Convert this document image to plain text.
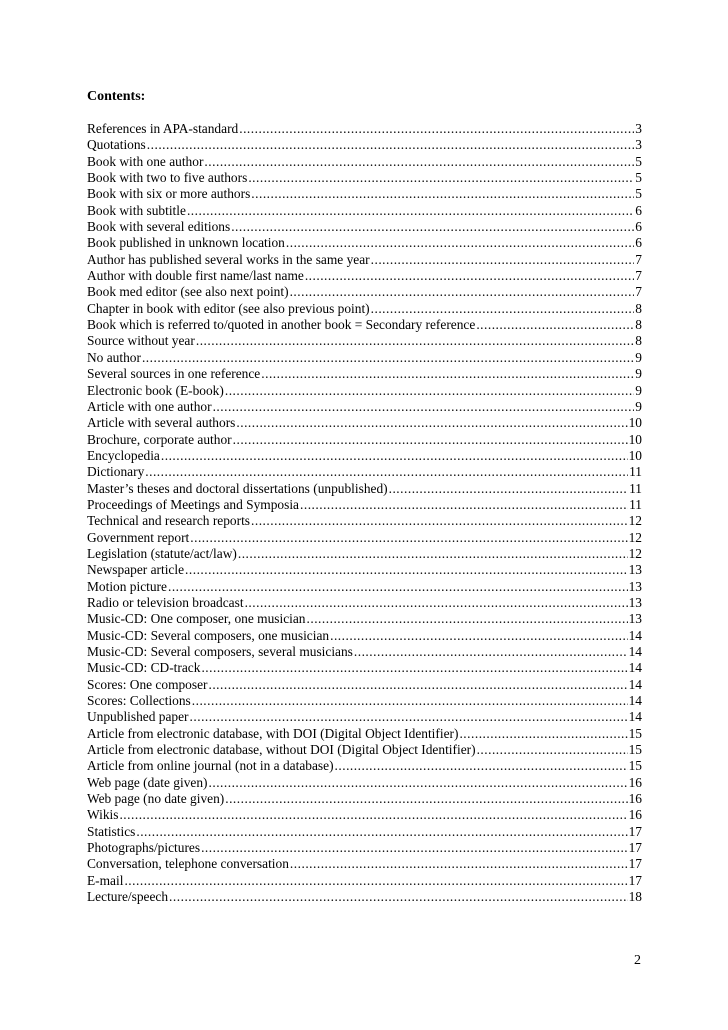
Contents:
References in APA-standard .....	3
Quotations .....	3
Book with one author .....	5
Book with two to five authors .....	5
Book with six or more authors .....	5
Book with subtitle .....	6
Book with several editions .....	6
Book published in unknown location .....	6
Author has published several works in the same year .....	7
Author with double first name/last name .....	7
Book med editor (see also next point) .....	7
Chapter in book with editor (see also previous point) .....	8
Book which is referred to/quoted in another book = Secondary reference .....	8
Source without year .....	8
No author .....	9
Several sources in one reference .....	9
Electronic book (E-book) .....	9
Article with one author .....	9
Article with several authors .....	10
Brochure, corporate author .....	10
Encyclopedia .....	10
Dictionary .....	11
Master’s theses and doctoral dissertations (unpublished) .....	11
Proceedings of Meetings and Symposia .....	11
Technical and research reports .....	12
Government report .....	12
Legislation (statute/act/law) .....	12
Newspaper article .....	13
Motion picture .....	13
Radio or television broadcast .....	13
Music-CD: One composer, one musician .....	13
Music-CD: Several composers, one musician .....	14
Music-CD: Several composers, several musicians .....	14
Music-CD: CD-track .....	14
Scores: One composer .....	14
Scores: Collections .....	14
Unpublished paper .....	14
Article from electronic database, with DOI (Digital Object Identifier) .....	15
Article from electronic database, without DOI (Digital Object Identifier) .....	15
Article from online journal (not in a database) .....	15
Web page (date given) .....	16
Web page (no date given) .....	16
Wikis .....	16
Statistics .....	17
Photographs/pictures .....	17
Conversation, telephone conversation .....	17
E-mail .....	17
Lecture/speech .....	18
2
